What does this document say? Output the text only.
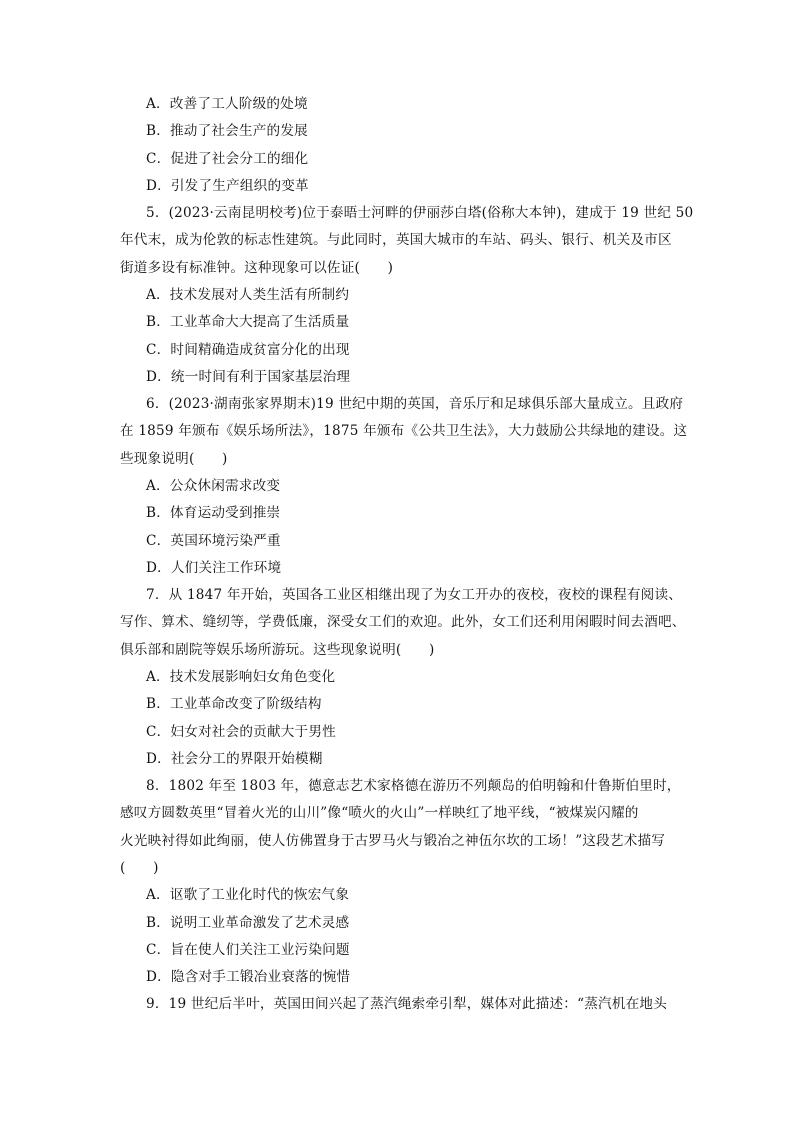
A．改善了工人阶级的处境
B．推动了社会生产的发展
C．促进了社会分工的细化
D．引发了生产组织的变革
5．(2023·云南昆明校考)位于泰晤士河畔的伊丽莎白塔(俗称大本钟)，建成于 19 世纪 50
年代末，成为伦敦的标志性建筑。与此同时，英国大城市的车站、码头、银行、机关及市区
街道多设有标准钟。这种现象可以佐证(　　)
A．技术发展对人类生活有所制约
B．工业革命大大提高了生活质量
C．时间精确造成贫富分化的出现
D．统一时间有利于国家基层治理
6．(2023·湖南张家界期末)19 世纪中期的英国，音乐厅和足球俱乐部大量成立。且政府
在 1859 年颁布《娱乐场所法》，1875 年颁布《公共卫生法》，大力鼓励公共绿地的建设。这
些现象说明(　　)
A．公众休闲需求改变
B．体育运动受到推崇
C．英国环境污染严重
D．人们关注工作环境
7．从 1847 年开始，英国各工业区相继出现了为女工开办的夜校，夜校的课程有阅读、
写作、算术、缝纫等，学费低廉，深受女工们的欢迎。此外，女工们还利用闲暇时间去酒吧、
俱乐部和剧院等娱乐场所游玩。这些现象说明(　　)
A．技术发展影响妇女角色变化
B．工业革命改变了阶级结构
C．妇女对社会的贡献大于男性
D．社会分工的界限开始模糊
8．1802 年至 1803 年，德意志艺术家格德在游历不列颠岛的伯明翰和什鲁斯伯里时，
感叹方圆数英里“冒着火光的山川”像“喷火的火山”一样映红了地平线，“被煤炭闪耀的
火光映衬得如此绚丽，使人仿佛置身于古罗马火与锻冶之神伍尔坎的工场！”这段艺术描写
(　　)
A．讴歌了工业化时代的恢宏气象
B．说明工业革命激发了艺术灵感
C．旨在使人们关注工业污染问题
D．隐含对手工锻冶业衰落的惋惜
9．19 世纪后半叶，英国田间兴起了蒸汽绳索牵引犁，媒体对此描述：“蒸汽机在地头
